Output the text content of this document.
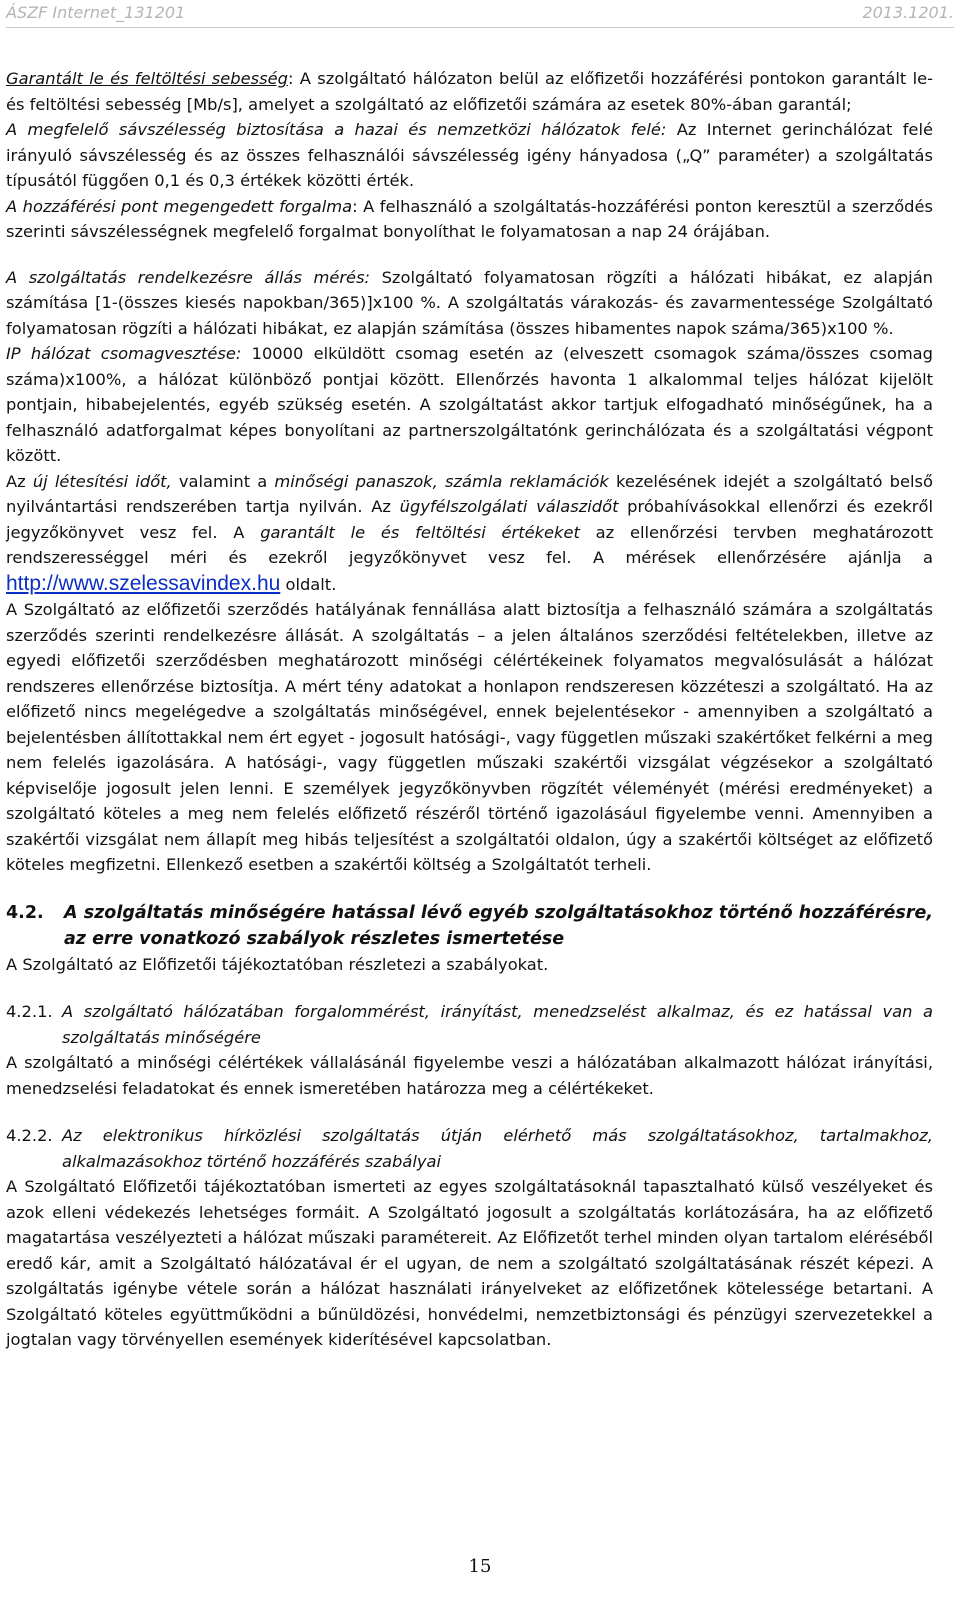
ÁSZF Internet_131201	2013.1201.

Garantált le és feltöltési sebesség: A szolgáltató hálózaton belül az előfizetői hozzáférési pontokon garantált le- és feltöltési sebesség [Mb/s], amelyet a szolgáltató az előfizetői számára az esetek 80%-ában garantál;

A megfelelő sávszélesség biztosítása a hazai és nemzetközi hálózatok felé: Az Internet gerinchálózat felé irányuló sávszélesség és az összes felhasználói sávszélesség igény hányadosa („Q” paraméter) a szolgáltatás típusától függően 0,1 és 0,3 értékek közötti érték.

A hozzáférési pont megengedett forgalma: A felhasználó a szolgáltatás-hozzáférési ponton keresztül a szerződés szerinti sávszélességnek megfelelő forgalmat bonyolíthat le folyamatosan a nap 24 órájában.

A szolgáltatás rendelkezésre állás mérés: Szolgáltató folyamatosan rögzíti a hálózati hibákat, ez alapján számítása [1-(összes kiesés napokban/365)]x100 %. A szolgáltatás várakozás- és zavarmentessége Szolgáltató folyamatosan rögzíti a hálózati hibákat, ez alapján számítása (összes hibamentes napok száma/365)x100 %.

IP hálózat csomagvesztése: 10000 elküldött csomag esetén az (elveszett csomagok száma/összes csomag száma)x100%, a hálózat különböző pontjai között. Ellenőrzés havonta 1 alkalommal teljes hálózat kijelölt pontjain, hibabejelentés, egyéb szükség esetén. A szolgáltatást akkor tartjuk elfogadható minőségűnek, ha a felhasználó adatforgalmat képes bonyolítani az partnerszolgáltatónk gerinchálózata és a szolgáltatási végpont között.

Az új létesítési időt, valamint a minőségi panaszok, számla reklamációk kezelésének idejét a szolgáltató belső nyilvántartási rendszerében tartja nyilván. Az ügyfélszolgálati válaszidőt próbahívásokkal ellenőrzi és ezekről jegyzőkönyvet vesz fel. A garantált le és feltöltési értékeket az ellenőrzési tervben meghatározott rendszerességgel méri és ezekről jegyzőkönyvet vesz fel. A mérések ellenőrzésére ajánlja a http://www.szelessavindex.hu oldalt.

A Szolgáltató az előfizetői szerződés hatályának fennállása alatt biztosítja a felhasználó számára a szolgáltatás szerződés szerinti rendelkezésre állását. A szolgáltatás – a jelen általános szerződési feltételekben, illetve az egyedi előfizetői szerződésben meghatározott minőségi célértékeinek folyamatos megvalósulását a hálózat rendszeres ellenőrzése biztosítja. A mért tény adatokat a honlapon rendszeresen közzéteszi a szolgáltató. Ha az előfizető nincs megelégedve a szolgáltatás minőségével, ennek bejelentésekor - amennyiben a szolgáltató a bejelentésben állítottakkal nem ért egyet - jogosult hatósági-, vagy független műszaki szakértőket felkérni a meg nem felelés igazolására. A hatósági-, vagy független műszaki szakértői vizsgálat végzésekor a szolgáltató képviselője jogosult jelen lenni. E személyek jegyzőkönyvben rögzítét véleményét (mérési eredményeket) a szolgáltató köteles a meg nem felelés előfizető részéről történő igazolásául figyelembe venni. Amennyiben a szakértői vizsgálat nem állapít meg hibás teljesítést a szolgáltatói oldalon, úgy a szakértői költséget az előfizető köteles megfizetni. Ellenkező esetben a szakértői költség a Szolgáltatót terheli.

4.2.	A szolgáltatás minőségére hatással lévő egyéb szolgáltatásokhoz történő hozzáférésre, az erre vonatkozó szabályok részletes ismertetése

A Szolgáltató az Előfizetői tájékoztatóban részletezi a szabályokat.

4.2.1. A szolgáltató hálózatában forgalommérést, irányítást, menedzselést alkalmaz, és ez hatással van a szolgáltatás minőségére

A szolgáltató a minőségi célértékek vállalásánál figyelembe veszi a hálózatában alkalmazott hálózat irányítási, menedzselési feladatokat és ennek ismeretében határozza meg a célértékeket.

4.2.2. Az elektronikus hírközlési szolgáltatás útján elérhető más szolgáltatásokhoz, tartalmakhoz, alkalmazásokhoz történő hozzáférés szabályai

A Szolgáltató Előfizetői tájékoztatóban ismerteti az egyes szolgáltatásoknál tapasztalható külső veszélyeket és azok elleni védekezés lehetséges formáit. A Szolgáltató jogosult a szolgáltatás korlátozására, ha az előfizető magatartása veszélyezteti a hálózat műszaki paramétereit. Az Előfizetőt terhel minden olyan tartalom eléréséből eredő kár, amit a Szolgáltató hálózatával ér el ugyan, de nem a szolgáltató szolgáltatásának részét képezi. A szolgáltatás igénybe vétele során a hálózat használati irányelveket az előfizetőnek kötelessége betartani. A Szolgáltató köteles együttműködni a bűnüldözési, honvédelmi, nemzetbiztonsági és pénzügyi szervezetekkel a jogtalan vagy törvényellen események kiderítésével kapcsolatban.

15
